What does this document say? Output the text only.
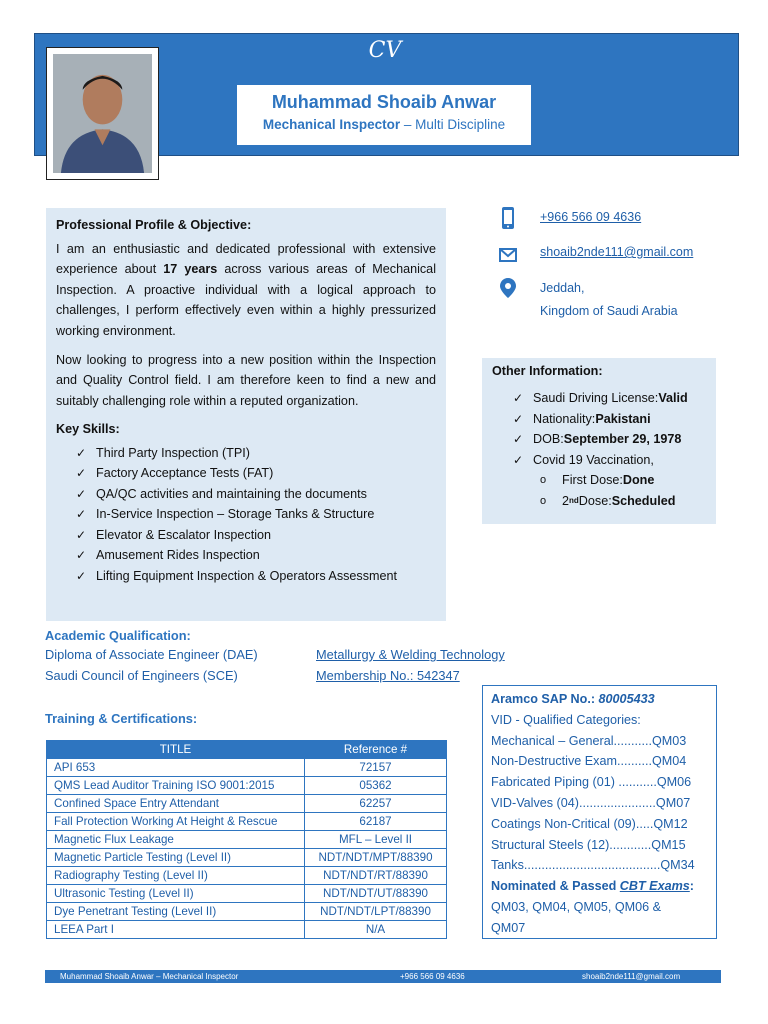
CV
Muhammad Shoaib Anwar
Mechanical Inspector – Multi Discipline
Professional Profile & Objective:

I am an enthusiastic and dedicated professional with extensive experience about 17 years across various areas of Mechanical Inspection. A proactive individual with a logical approach to challenges, I perform effectively even within a highly pressurized working environment.

Now looking to progress into a new position within the Inspection and Quality Control field. I am therefore keen to find a new and suitably challenging role within a reputed organization.

Key Skills:
✓ Third Party Inspection (TPI)
✓ Factory Acceptance Tests (FAT)
✓ QA/QC activities and maintaining the documents
✓ In-Service Inspection – Storage Tanks & Structure
✓ Elevator & Escalator Inspection
✓ Amusement Rides Inspection
✓ Lifting Equipment Inspection & Operators Assessment
+966 566 09 4636
shoaib2nde111@gmail.com
Jeddah,
Kingdom of Saudi Arabia
Other Information:
✓ Saudi Driving License: Valid
✓ Nationality: Pakistani
✓ DOB: September 29, 1978
✓ Covid 19 Vaccination,
o	First Dose: Done
o	2 nd Dose: Scheduled
Academic Qualification:
Diploma of Associate Engineer (DAE)	Metallurgy & Welding Technology
Saudi Council of Engineers (SCE)	Membership No.: 542347
Training & Certifications:
TITLE	Reference #
API 653	72157
QMS Lead Auditor Training ISO 9001:2015	05362
Confined Space Entry Attendant	62257
Fall Protection Working At Height & Rescue	62187
Magnetic Flux Leakage	MFL – Level II
Magnetic Particle Testing (Level II)	NDT/NDT/MPT/88390
Radiography Testing (Level II)	NDT/NDT/RT/88390
Ultrasonic Testing (Level II)	NDT/NDT/UT/88390
Dye Penetrant Testing (Level II)	NDT/NDT/LPT/88390
LEEA Part I	N/A
Aramco SAP No.: 80005433
VID - Qualified Categories:
Mechanical – General...........QM03
Non-Destructive Exam..........QM04
Fabricated Piping (01) ...........QM06
VID-Valves (04)......................QM07
Coatings Non-Critical (09).....QM12
Structural Steels (12)............QM15
Tanks.......................................QM34
Nominated & Passed CBT Exams:
QM03, QM04, QM05, QM06 &
QM07
Muhammad Shoaib Anwar – Mechanical Inspector	+966 566 09 4636	shoaib2nde111@gmail.com
